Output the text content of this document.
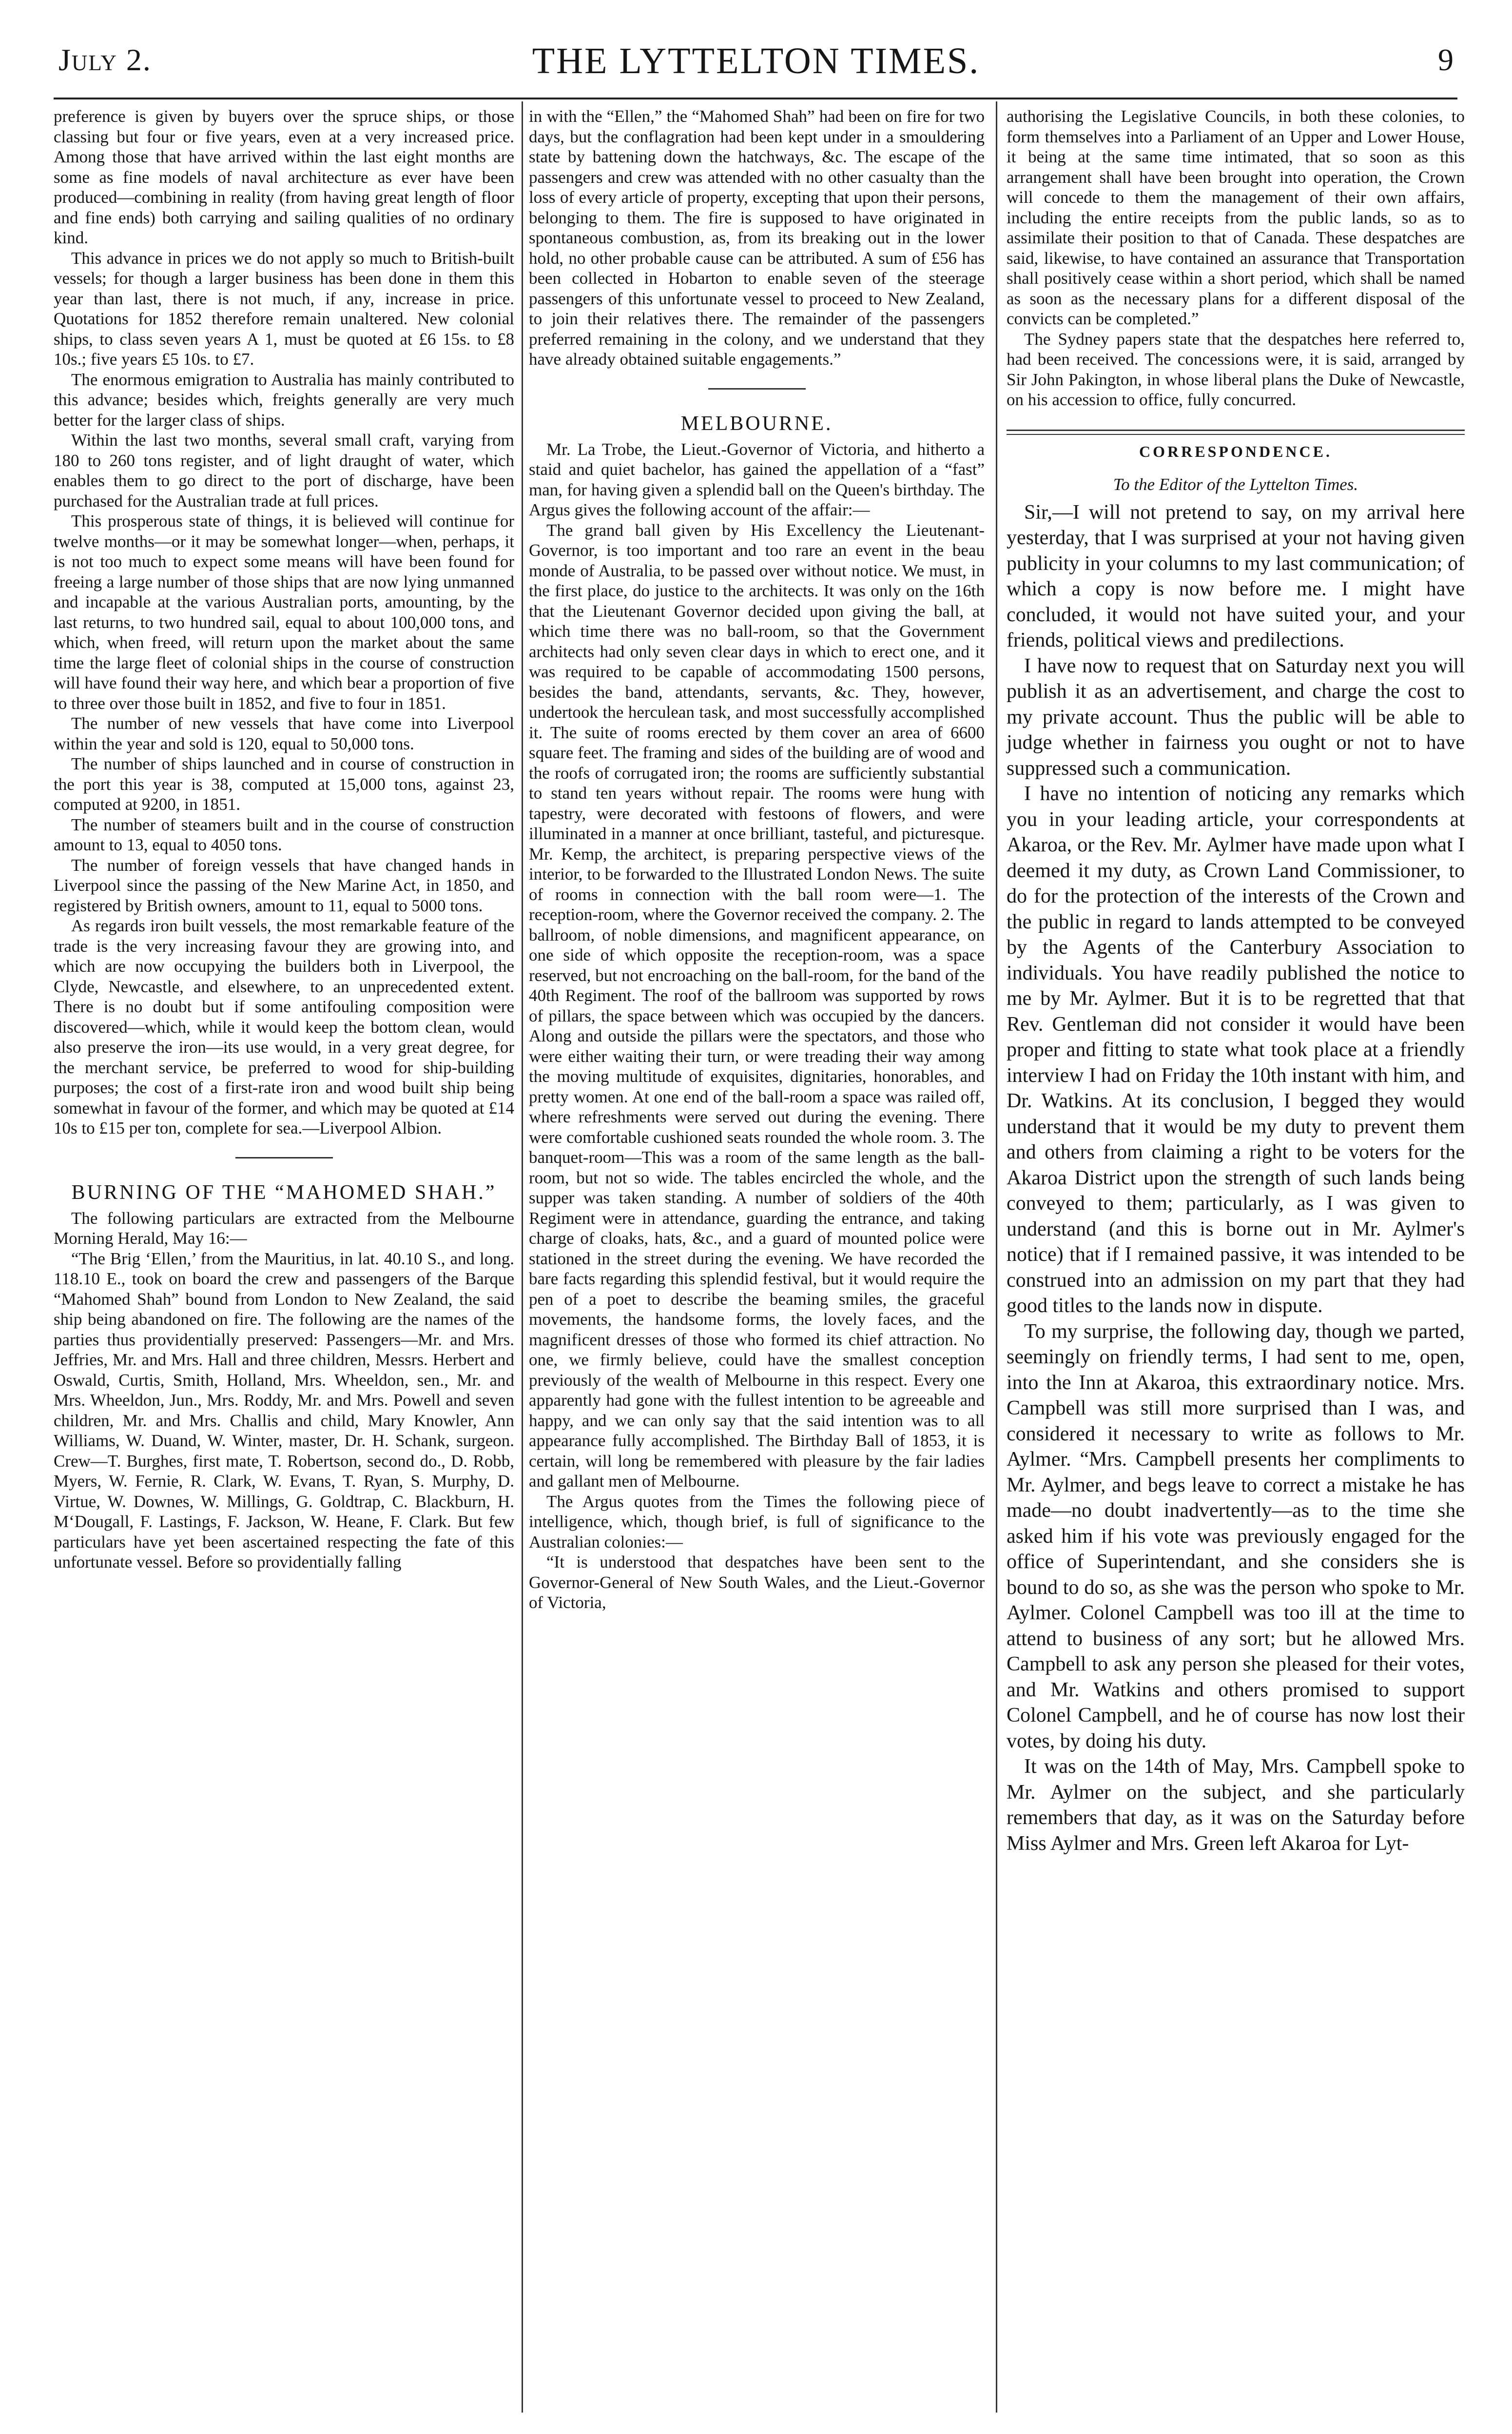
July 2.	THE LYTTELTON TIMES.	9

preference is given by buyers over the spruce ships, or those classing but four or five years, even at a very increased price. Among those that have arrived within the last eight months are some as fine models of naval architecture as ever have been produced—combining in reality (from having great length of floor and fine ends) both carrying and sailing qualities of no ordinary kind.

This advance in prices we do not apply so much to British-built vessels; for though a larger business has been done in them this year than last, there is not much, if any, increase in price. Quotations for 1852 therefore remain unaltered. New colonial ships, to class seven years A 1, must be quoted at £6 15s. to £8 10s.; five years £5 10s. to £7.

The enormous emigration to Australia has mainly contributed to this advance; besides which, freights generally are very much better for the larger class of ships.

Within the last two months, several small craft, varying from 180 to 260 tons register, and of light draught of water, which enables them to go direct to the port of discharge, have been purchased for the Australian trade at full prices.

This prosperous state of things, it is believed will continue for twelve months—or it may be somewhat longer—when, perhaps, it is not too much to expect some means will have been found for freeing a large number of those ships that are now lying unmanned and incapable at the various Australian ports, amounting, by the last returns, to two hundred sail, equal to about 100,000 tons, and which, when freed, will return upon the market about the same time the large fleet of colonial ships in the course of construction will have found their way here, and which bear a proportion of five to three over those built in 1852, and five to four in 1851.

The number of new vessels that have come into Liverpool within the year and sold is 120, equal to 50,000 tons.

The number of ships launched and in course of construction in the port this year is 38, computed at 15,000 tons, against 23, computed at 9200, in 1851.

The number of steamers built and in the course of construction amount to 13, equal to 4050 tons.

The number of foreign vessels that have changed hands in Liverpool since the passing of the New Marine Act, in 1850, and registered by British owners, amount to 11, equal to 5000 tons.

As regards iron built vessels, the most remarkable feature of the trade is the very increasing favour they are growing into, and which are now occupying the builders both in Liverpool, the Clyde, Newcastle, and elsewhere, to an unprecedented extent. There is no doubt but if some antifouling composition were discovered—which, while it would keep the bottom clean, would also preserve the iron—its use would, in a very great degree, for the merchant service, be preferred to wood for ship-building purposes; the cost of a first-rate iron and wood built ship being somewhat in favour of the former, and which may be quoted at £14 10s to £15 per ton, complete for sea.—Liverpool Albion.

BURNING OF THE “MAHOMED SHAH.”

The following particulars are extracted from the Melbourne Morning Herald, May 16:—

“The Brig ‘Ellen,’ from the Mauritius, in lat. 40.10 S., and long. 118.10 E., took on board the crew and passengers of the Barque “Mahomed Shah” bound from London to New Zealand, the said ship being abandoned on fire. The following are the names of the parties thus providentially preserved: Passengers—Mr. and Mrs. Jeffries, Mr. and Mrs. Hall and three children, Messrs. Herbert and Oswald, Curtis, Smith, Holland, Mrs. Wheeldon, sen., Mr. and Mrs. Wheeldon, Jun., Mrs. Roddy, Mr. and Mrs. Powell and seven children, Mr. and Mrs. Challis and child, Mary Knowler, Ann Williams, W. Duand, W. Winter, master, Dr. H. Schank, surgeon. Crew—T. Burghes, first mate, T. Robertson, second do., D. Robb, Myers, W. Fernie, R. Clark, W. Evans, T. Ryan, S. Murphy, D. Virtue, W. Downes, W. Millings, G. Goldtrap, C. Blackburn, H. M‘Dougall, F. Lastings, F. Jackson, W. Heane, F. Clark. But few particulars have yet been ascertained respecting the fate of this unfortunate vessel. Before so providentially falling

in with the “Ellen,” the “Mahomed Shah” had been on fire for two days, but the conflagration had been kept under in a smouldering state by battening down the hatchways, &c. The escape of the passengers and crew was attended with no other casualty than the loss of every article of property, excepting that upon their persons, belonging to them. The fire is supposed to have originated in spontaneous combustion, as, from its breaking out in the lower hold, no other probable cause can be attributed. A sum of £56 has been collected in Hobarton to enable seven of the steerage passengers of this unfortunate vessel to proceed to New Zealand, to join their relatives there. The remainder of the passengers preferred remaining in the colony, and we understand that they have already obtained suitable engagements.”

MELBOURNE.

Mr. La Trobe, the Lieut.-Governor of Victoria, and hitherto a staid and quiet bachelor, has gained the appellation of a “fast” man, for having given a splendid ball on the Queen's birthday. The Argus gives the following account of the affair:—

The grand ball given by His Excellency the Lieutenant-Governor, is too important and too rare an event in the beau monde of Australia, to be passed over without notice. We must, in the first place, do justice to the architects. It was only on the 16th that the Lieutenant Governor decided upon giving the ball, at which time there was no ball-room, so that the Government architects had only seven clear days in which to erect one, and it was required to be capable of accommodating 1500 persons, besides the band, attendants, servants, &c. They, however, undertook the herculean task, and most successfully accomplished it. The suite of rooms erected by them cover an area of 6600 square feet. The framing and sides of the building are of wood and the roofs of corrugated iron; the rooms are sufficiently substantial to stand ten years without repair. The rooms were hung with tapestry, were decorated with festoons of flowers, and were illuminated in a manner at once brilliant, tasteful, and picturesque. Mr. Kemp, the architect, is preparing perspective views of the interior, to be forwarded to the Illustrated London News. The suite of rooms in connection with the ball room were—1. The reception-room, where the Governor received the company. 2. The ballroom, of noble dimensions, and magnificent appearance, on one side of which opposite the reception-room, was a space reserved, but not encroaching on the ball-room, for the band of the 40th Regiment. The roof of the ballroom was supported by rows of pillars, the space between which was occupied by the dancers. Along and outside the pillars were the spectators, and those who were either waiting their turn, or were treading their way among the moving multitude of exquisites, dignitaries, honorables, and pretty women. At one end of the ball-room a space was railed off, where refreshments were served out during the evening. There were comfortable cushioned seats rounded the whole room. 3. The banquet-room—This was a room of the same length as the ball-room, but not so wide. The tables encircled the whole, and the supper was taken standing. A number of soldiers of the 40th Regiment were in attendance, guarding the entrance, and taking charge of cloaks, hats, &c., and a guard of mounted police were stationed in the street during the evening. We have recorded the bare facts regarding this splendid festival, but it would require the pen of a poet to describe the beaming smiles, the graceful movements, the handsome forms, the lovely faces, and the magnificent dresses of those who formed its chief attraction. No one, we firmly believe, could have the smallest conception previously of the wealth of Melbourne in this respect. Every one apparently had gone with the fullest intention to be agreeable and happy, and we can only say that the said intention was to all appearance fully accomplished. The Birthday Ball of 1853, it is certain, will long be remembered with pleasure by the fair ladies and gallant men of Melbourne.

The Argus quotes from the Times the following piece of intelligence, which, though brief, is full of significance to the Australian colonies:—

“It is understood that despatches have been sent to the Governor-General of New South Wales, and the Lieut.-Governor of Victoria,

authorising the Legislative Councils, in both these colonies, to form themselves into a Parliament of an Upper and Lower House, it being at the same time intimated, that so soon as this arrangement shall have been brought into operation, the Crown will concede to them the management of their own affairs, including the entire receipts from the public lands, so as to assimilate their position to that of Canada. These despatches are said, likewise, to have contained an assurance that Transportation shall positively cease within a short period, which shall be named as soon as the necessary plans for a different disposal of the convicts can be completed.”

The Sydney papers state that the despatches here referred to, had been received. The concessions were, it is said, arranged by Sir John Pakington, in whose liberal plans the Duke of Newcastle, on his accession to office, fully concurred.

CORRESPONDENCE.

To the Editor of the Lyttelton Times.

Sir,—I will not pretend to say, on my arrival here yesterday, that I was surprised at your not having given publicity in your columns to my last communication; of which a copy is now before me. I might have concluded, it would not have suited your, and your friends, political views and predilections.

I have now to request that on Saturday next you will publish it as an advertisement, and charge the cost to my private account. Thus the public will be able to judge whether in fairness you ought or not to have suppressed such a communication.

I have no intention of noticing any remarks which you in your leading article, your correspondents at Akaroa, or the Rev. Mr. Aylmer have made upon what I deemed it my duty, as Crown Land Commissioner, to do for the protection of the interests of the Crown and the public in regard to lands attempted to be conveyed by the Agents of the Canterbury Association to individuals. You have readily published the notice to me by Mr. Aylmer. But it is to be regretted that that Rev. Gentleman did not consider it would have been proper and fitting to state what took place at a friendly interview I had on Friday the 10th instant with him, and Dr. Watkins. At its conclusion, I begged they would understand that it would be my duty to prevent them and others from claiming a right to be voters for the Akaroa District upon the strength of such lands being conveyed to them; particularly, as I was given to understand (and this is borne out in Mr. Aylmer's notice) that if I remained passive, it was intended to be construed into an admission on my part that they had good titles to the lands now in dispute.

To my surprise, the following day, though we parted, seemingly on friendly terms, I had sent to me, open, into the Inn at Akaroa, this extraordinary notice. Mrs. Campbell was still more surprised than I was, and considered it necessary to write as follows to Mr. Aylmer. “Mrs. Campbell presents her compliments to Mr. Aylmer, and begs leave to correct a mistake he has made—no doubt inadvertently—as to the time she asked him if his vote was previously engaged for the office of Superintendant, and she considers she is bound to do so, as she was the person who spoke to Mr. Aylmer. Colonel Campbell was too ill at the time to attend to business of any sort; but he allowed Mrs. Campbell to ask any person she pleased for their votes, and Mr. Watkins and others promised to support Colonel Campbell, and he of course has now lost their votes, by doing his duty.

It was on the 14th of May, Mrs. Campbell spoke to Mr. Aylmer on the subject, and she particularly remembers that day, as it was on the Saturday before Miss Aylmer and Mrs. Green left Akaroa for Lyt-
